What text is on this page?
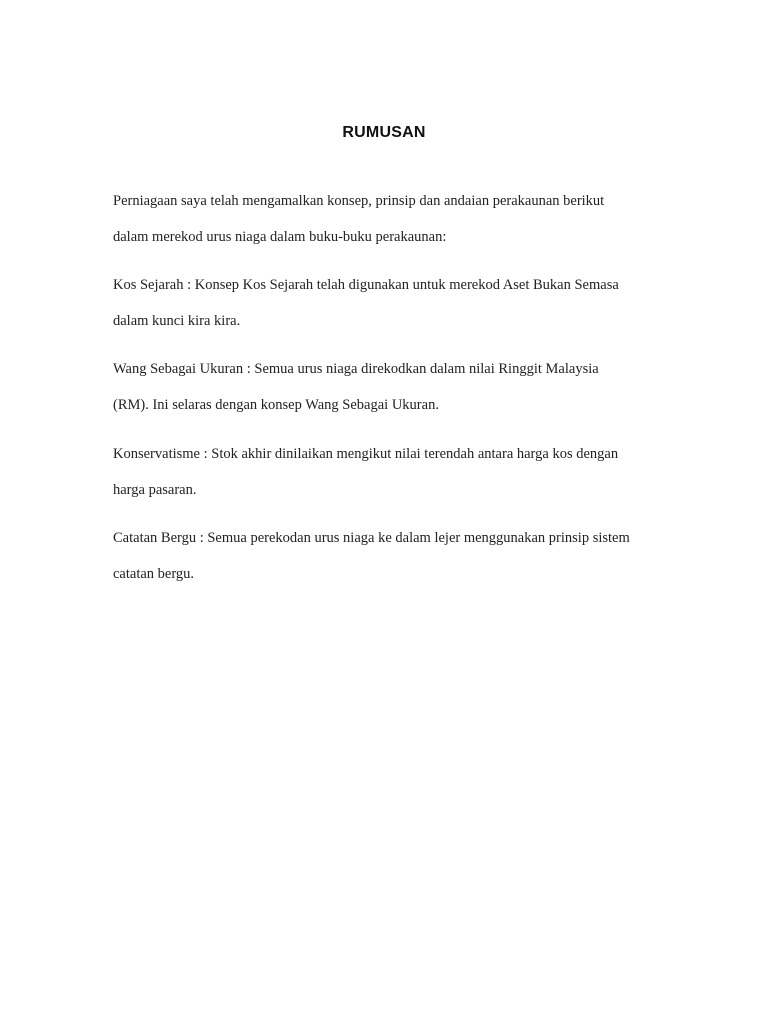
RUMUSAN
Perniagaan saya telah mengamalkan konsep, prinsip dan andaian perakaunan berikut
dalam merekod urus niaga dalam buku-buku perakaunan:
Kos Sejarah : Konsep Kos Sejarah telah digunakan untuk merekod Aset Bukan Semasa
dalam kunci kira kira.
Wang Sebagai Ukuran : Semua urus niaga direkodkan dalam nilai Ringgit Malaysia
(RM). Ini selaras dengan konsep Wang Sebagai Ukuran.
Konservatisme : Stok akhir dinilaikan mengikut nilai terendah antara harga kos dengan
harga pasaran.
Catatan Bergu : Semua perekodan urus niaga ke dalam lejer menggunakan prinsip sistem
catatan bergu.
